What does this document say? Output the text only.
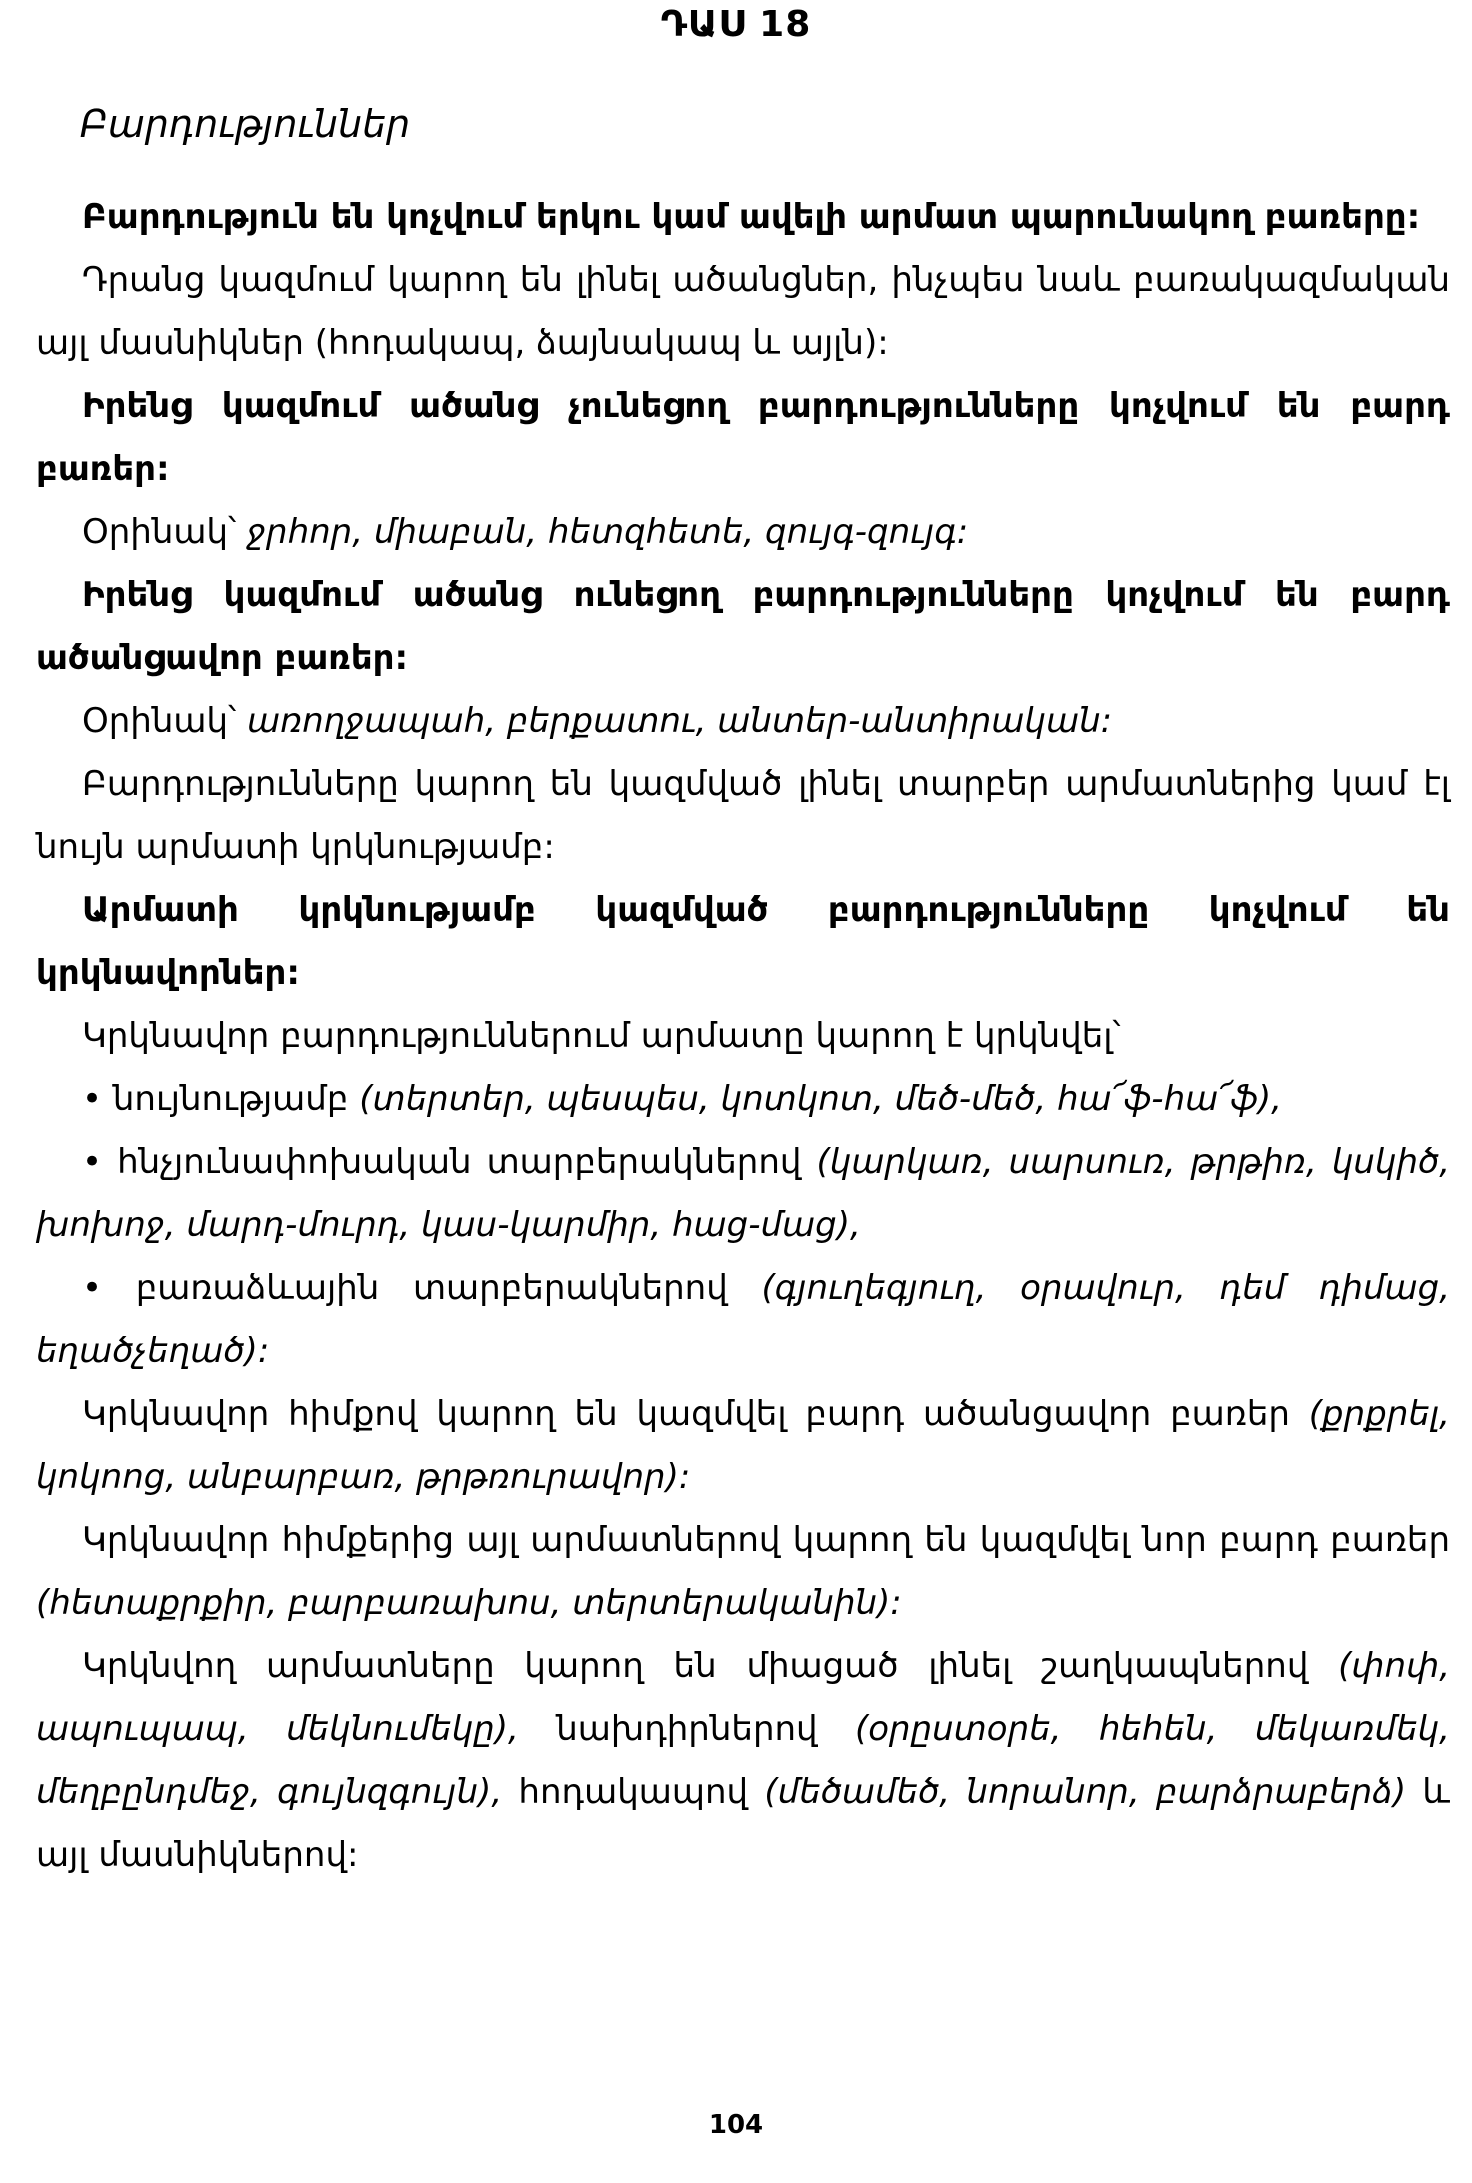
ԴԱՍ 18
Բարդություններ

Բարդություն են կոչվում երկու կամ ավելի արմատ պարունակող բառերը:

Դրանց կազմում կարող են լինել ածանցներ, ինչպես նաև բառակազմական այլ մասնիկներ (հոդակապ, ձայնակապ և այլն):

Իրենց կազմում ածանց չունեցող բարդությունները կոչվում են բարդ բառեր:

Օրինակ՝ ջրհոր, միաբան, հետզհետե, զույգ-զույգ:

Իրենց կազմում ածանց ունեցող բարդությունները կոչվում են բարդ ածանցավոր բառեր:

Օրինակ՝ առողջապահ, բերքատու, անտեր-անտիրական:

Բարդությունները կարող են կազմված լինել տարբեր արմատներից կամ էլ նույն արմատի կրկնությամբ:

Արմատի կրկնությամբ կազմված բարդությունները կոչվում են կրկնավորներ:

Կրկնավոր բարդություններում արմատը կարող է կրկնվել՝

• նույնությամբ (տերտեր, պեսպես, կոտկոտ, մեծ-մեծ, հա՜ֆ-հա՜ֆ),

• հնչյունափոխական տարբերակներով (կարկառ, սարսուռ, թրթիռ, կսկիծ, խոխոջ, մարդ-մուրդ, կաս-կարմիր, հաց-մաց),

• բառաձևային տարբերակներով (գյուղեգյուղ, օրավուր, դեմ դիմաց, եղածչեղած):

Կրկնավոր հիմքով կարող են կազմվել բարդ ածանցավոր բառեր (քրքրել, կոկոոց, անբարբառ, թրթռուրավոր):

Կրկնավոր հիմքերից այլ արմատներով կարող են կազմվել նոր բարդ բառեր (հետաքրքիր, բարբառախոս, տերտերականին):

Կրկնվող արմատները կարող են միացած լինել շաղկապներով (փոփ, ապուպապ, մեկնումեկը), նախդիրներով (օրըստօրե, հեհեն, մեկառմեկ, մեղբընդմեջ, գույնզգույն), հոդակապով (մեծամեծ, նորանոր, բարձրաբերձ) և այլ մասնիկներով:

104
